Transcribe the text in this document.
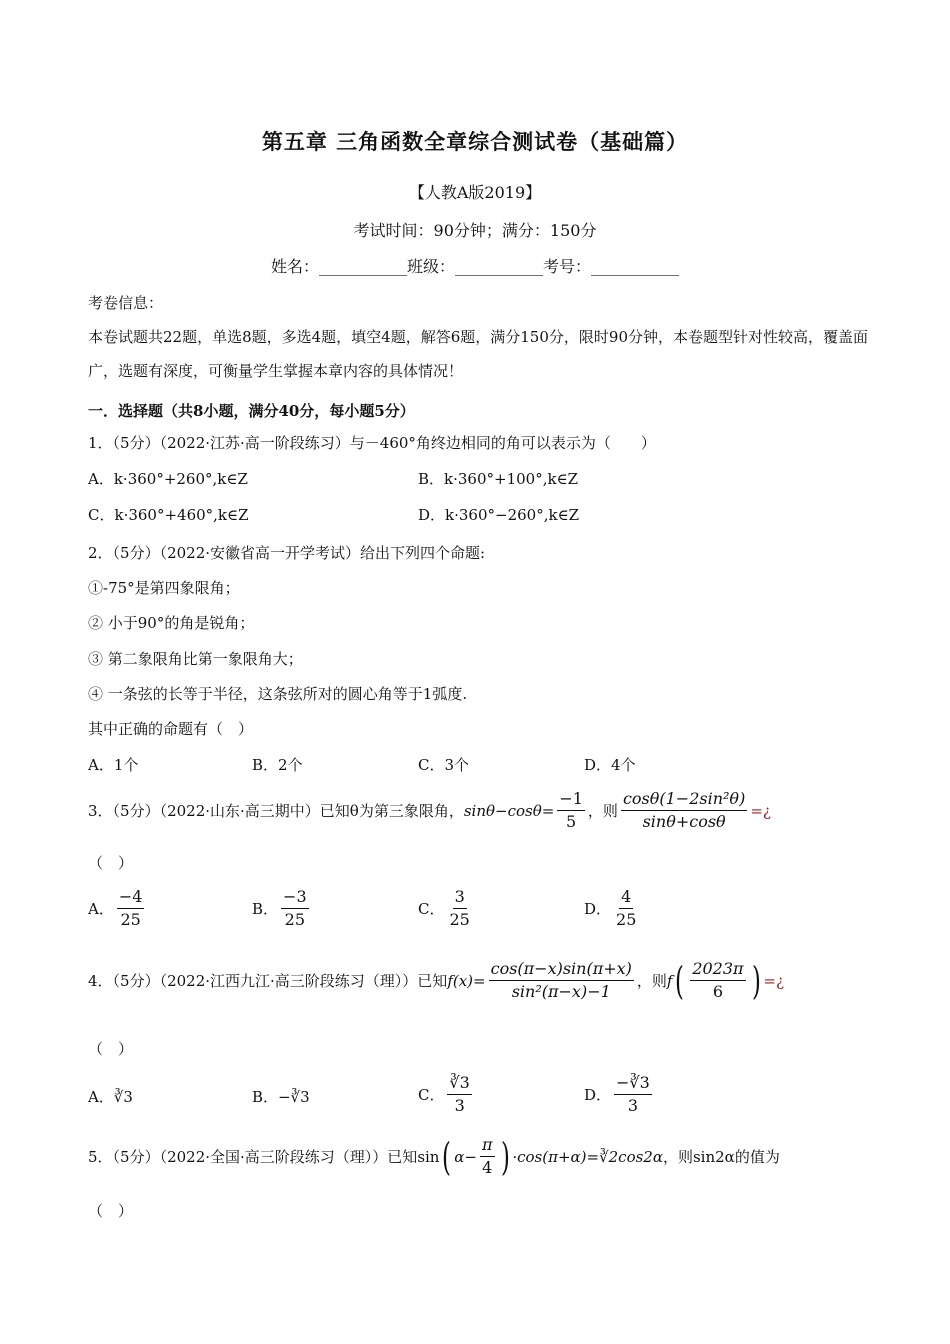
第五章 三角函数全章综合测试卷（基础篇）
【人教A版2019】
考试时间：90分钟；满分：150分
姓名：___________班级：___________考号：___________
考卷信息：
本卷试题共22题，单选8题，多选4题，填空4题，解答6题，满分150分，限时90分钟，本卷题型针对性较高，覆盖面广，选题有深度，可衡量学生掌握本章内容的具体情况！
一．选择题（共8小题，满分40分，每小题5分）
1．（5分）（2022·江苏·高一阶段练习）与－460°角终边相同的角可以表示为（　　）
A．k·360°+260°,k∈Z	B．k·360°+100°,k∈Z
C．k·360°+460°,k∈Z	D．k·360°−260°,k∈Z
2．（5分）（2022·安徽省高一开学考试）给出下列四个命题:
①-75°是第四象限角；
② 小于90°的角是锐角；
③ 第二象限角比第一象限角大；
④ 一条弦的长等于半径，这条弦所对的圆心角等于1弧度.
其中正确的命题有（　）
A．1个	B．2个	C．3个	D．4个
3．（5分）（2022·山东·高三期中）已知θ为第三象限角， $\sin\theta-\cos\theta= \frac{-1}{5}$ ，则 $\frac{\text{cosθ(1−2sin²θ)}}{\sin\theta+\cos\theta}$ =¿
（　）
A． $\frac{-4}{25}$	B． $\frac{-3}{25}$	C． $\frac{3}{25}$	D． $\frac{4}{25}$
4．（5分）（2022·江西九江·高三阶段练习（理））已知 $f(x)= \frac{\cos(\pi-x)\sin(\pi+x)}{\text{sin²(π−x)−1}}$ ，则 f ( $\frac{2023\pi}{6}$ ) =¿
（　）
A．∛3	B．−∛3	C． $\frac{∛3}{3}$	D． $\frac{-∛3}{3}$
5．（5分）（2022·全国·高三阶段练习（理））已知 sin ( $\alpha- \frac{\pi}{4}$ ) ·cos(π+α)=∛2cos2α ，则sin2α的值为
（　）
